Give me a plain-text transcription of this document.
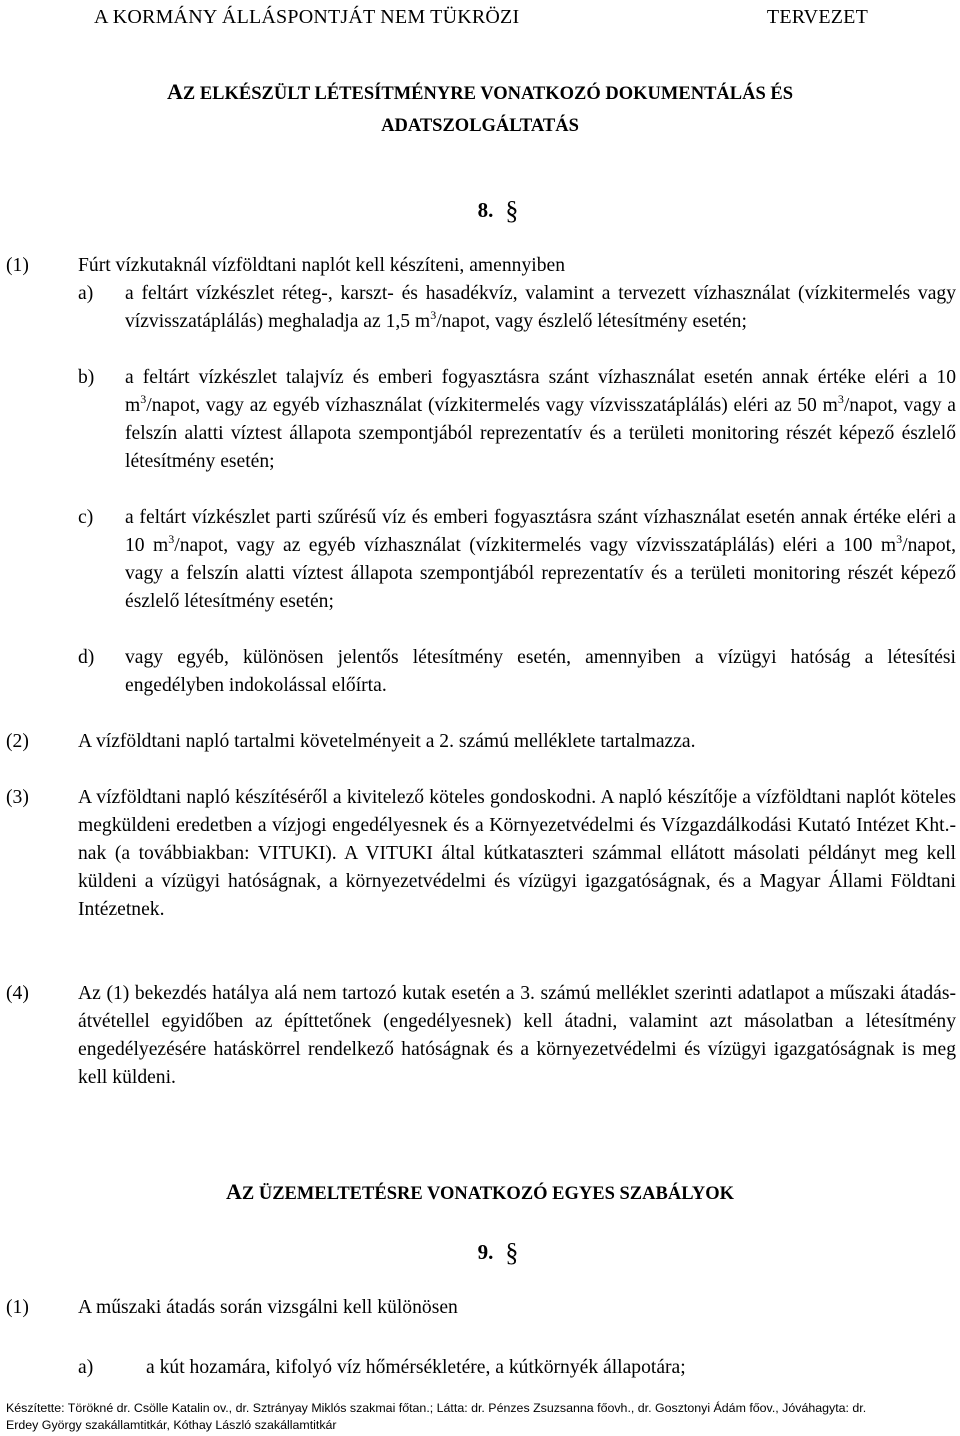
A KORMÁNY ÁLLÁSPONTJÁT NEM TÜKRÖZI	TERVEZET
AZ ELKÉSZÜLT LÉTESÍTMÉNYRE VONATKOZÓ DOKUMENTÁLÁS ÉS
ADATSZOLGÁLTATÁS
8. §
(1)	Fúrt vízkutaknál vízföldtani naplót kell készíteni, amennyiben
a)	a feltárt vízkészlet réteg-, karszt- és hasadékvíz, valamint a tervezett vízhasználat (vízkitermelés vagy vízvisszatáplálás) meghaladja az 1,5 $m^3$/napot, vagy észlelő létesítmény esetén;
b)	a feltárt vízkészlet talajvíz és emberi fogyasztásra szánt vízhasználat esetén annak értéke eléri a 10 $m^3$/napot, vagy az egyéb vízhasználat (vízkitermelés vagy vízvisszatáplálás) eléri az 50 $m^3$/napot, vagy a felszín alatti víztest állapota szempontjából reprezentatív és a területi monitoring részét képező észlelő létesítmény esetén;
c)	a feltárt vízkészlet parti szűrésű víz és emberi fogyasztásra szánt vízhasználat esetén annak értéke eléri a 10 $m^3$/napot, vagy az egyéb vízhasználat (vízkitermelés vagy vízvisszatáplálás) eléri a 100 $m^3$/napot, vagy a felszín alatti víztest állapota szempontjából reprezentatív és a területi monitoring részét képező észlelő létesítmény esetén;
d)	vagy egyéb, különösen jelentős létesítmény esetén, amennyiben a vízügyi hatóság a létesítési engedélyben indokolással előírta.
(2)	A vízföldtani napló tartalmi követelményeit a 2. számú melléklete tartalmazza.
(3)	A vízföldtani napló készítéséről a kivitelező köteles gondoskodni. A napló készítője a vízföldtani naplót köteles megküldeni eredetben a vízjogi engedélyesnek és a Környezetvédelmi és Vízgazdálkodási Kutató Intézet Kht.-nak (a továbbiakban: VITUKI). A VITUKI által kútkataszteri számmal ellátott másolati példányt meg kell küldeni a vízügyi hatóságnak, a környezetvédelmi és vízügyi igazgatóságnak, és a Magyar Állami Földtani Intézetnek.
(4)	Az (1) bekezdés hatálya alá nem tartozó kutak esetén a 3. számú melléklet szerinti adatlapot a műszaki átadás-átvétellel egyidőben az építtetőnek (engedélyesnek) kell átadni, valamint azt másolatban a létesítmény engedélyezésére hatáskörrel rendelkező hatóságnak és a környezetvédelmi és vízügyi igazgatóságnak is meg kell küldeni.
AZ ÜZEMELTETÉSRE VONATKOZÓ EGYES SZABÁLYOK
9. §
(1)	A műszaki átadás során vizsgálni kell különösen
a)	a kút hozamára, kifolyó víz hőmérsékletére, a kútkörnyék állapotára;
Készítette: Törökné dr. Csölle Katalin ov., dr. Sztrányay Miklós szakmai főtan.; Látta: dr. Pénzes Zsuzsanna főovh., dr. Gosztonyi Ádám főov., Jóváhagyta: dr.
Erdey György szakállamtitkár, Kóthay László szakállamtitkár
